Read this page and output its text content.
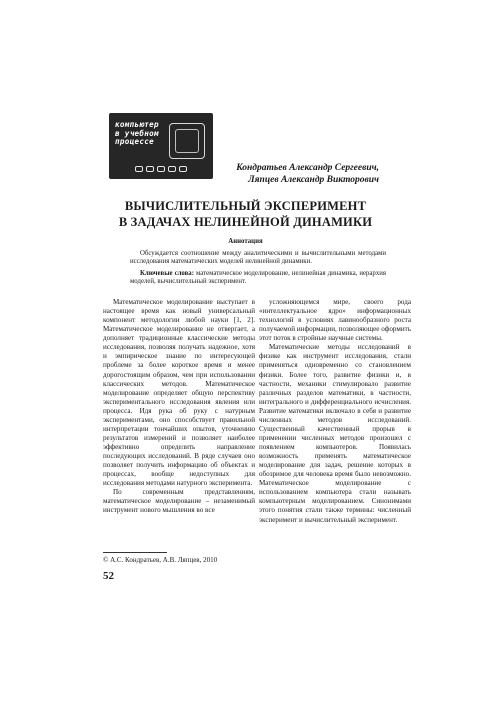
компьютер
в учебном
процессе
Кондратьев Александр Сергеевич,
Ляпцев Александр Викторович
ВЫЧИСЛИТЕЛЬНЫЙ ЭКСПЕРИМЕНТ
В ЗАДАЧАХ НЕЛИНЕЙНОЙ ДИНАМИКИ
Аннотация
Обсуждается соотношение между аналитическими и вычислительными методами исследования математических моделей нелинейной динамики.
Ключевые слова: математическое моделирование, нелинейная динамика, иерархия моделей, вычислительный эксперимент.

Математическое моделирование выступает в настоящее время как новый универсальный компонент методологии любой науки [1, 2]. Математическое моделирование не отвергает, а дополняет традиционные классические методы исследования, позволяя получать надежное, хотя и эмпирическое знание по интересующей проблеме за более короткое время и менее дорогостоящим образом, чем при использовании классических методов. Математическое моделирование определяет общую перспективу экспериментального исследования явления или процесса. Идя рука об руку с натурным экспериментами, оно способствует правильной интерпретации тончайших опытов, уточнению результатов измерений и позволяет наиболее эффективно определить направление последующих исследований. В ряде случаев оно позволяет получить информацию об объектах и процессах, вообще недоступных для исследования методами натурного эксперимента.

По современным представлениям, математическое моделирование – незаменимый инструмент нового мышления во все

усложняющемся мире, своего рода «интеллектуальное ядро» информационных технологий в условиях лавинообразного роста получаемой информации, позволяющее оформить этот поток в стройные научные системы.

Математические методы исследований в физике как инструмент исследования, стали применяться одновременно со становлением физики. Более того, развитие физики и, в частности, механики стимулировало развитие различных разделов математики, в частности, интегрального и дифференциального исчисления. Развитие математики включало в себя и развитие численных методов исследований. Существенный качественный прорыв в применении численных методов произошел с появлением компьютеров. Появилась возможность применять математическое моделирование для задач, решение которых в обозримое для человека время было невозможно. Математическое моделирование с использованием компьютера стали называть компьютерным моделированием. Синонимами этого понятия стали также термины: численный эксперимент и вычислительный эксперимент.

© А.С. Кондратьев, А.В. Ляпцев, 2010
52
